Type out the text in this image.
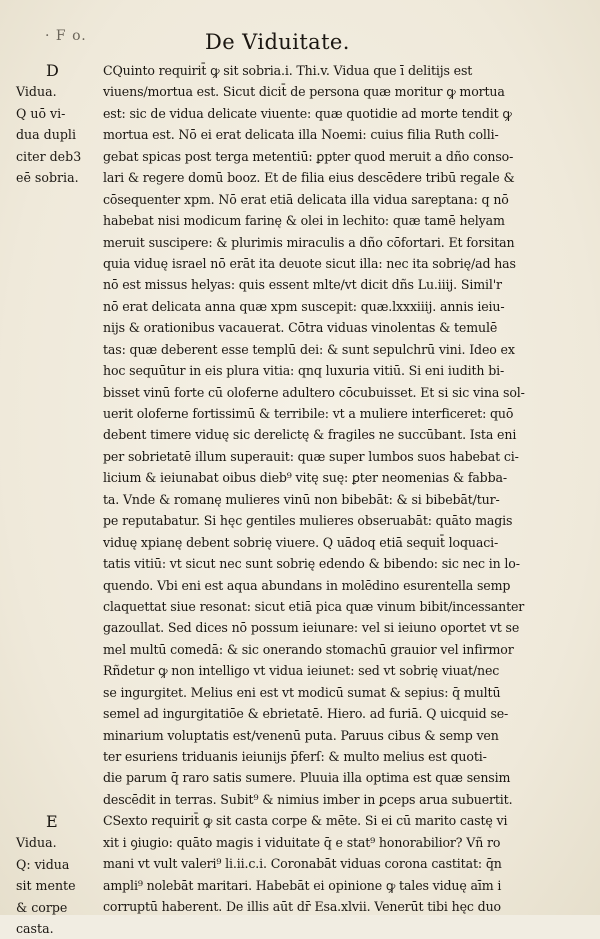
· F o.	De Viduitate.
D
Vidua.
Q uō vi-
dua dupli
citer deb3
eē sobria.
E
Vidua.
Q: vidua
sit mente
& corpe
casta.
CQuinto requirit̄ ꝙ sit sobria.i. Thi.v. Vidua que ī delitijs est
viuens/mortua est. Sicut dicit̄ de persona quæ moritur ꝙ mortua
est: sic de vidua delicate viuente: quæ quotidie ad morte tendit ꝙ
mortua est. Nō ei erat delicata illa Noemi: cuius filia Ruth colli-
gebat spicas post terga metentiū: ꝑpter quod meruit a dño conso-
lari & regere domū booz. Et de filia eius descēdere tribū regale &
cōsequenter xpm. Nō erat etiā delicata illa vidua sareptana: q nō
habebat nisi modicum farinę & olei in lechito: quæ tamē helyam
meruit suscipere: & plurimis miraculis a dño cōfortari. Et forsitan
quia viduę israel nō erāt ita deuote sicut illa: nec ita sobrię/ad has
nō est missus helyas: quis essent mlte/vt dicit dñs Lu.iiij. Simil'r
nō erat delicata anna quæ xpm suscepit: quæ.lxxxiiij. annis ieiu-
nijs & orationibus vacauerat. Cōtra viduas vinolentas & temulē
tas: quæ deberent esse templū dei: & sunt sepulchrū vini. Ideo ex
hoc sequūtur in eis plura vitia: qnq luxuria vitiū. Si eni iudith bi-
bisset vinū forte cū oloferne adultero cōcubuisset. Et si sic vina sol-
uerit oloferne fortissimū & terribile: vt a muliere interficeret: quō
debent timere viduę sic derelictę & fragiles ne succūbant. Ista eni
per sobrietatē illum superauit: quæ super lumbos suos habebat ci-
licium & ieiunabat oibus dieb⁹ vitę suę: ꝑter neomenias & fabba-
ta. Vnde & romanę mulieres vinū non bibebāt: & si bibebāt/tur-
pe reputabatur. Si hęc gentiles mulieres obseruabāt: quāto magis
viduę xpianę debent sobrię viuere. Q uādoq etiā sequit̄ loquaci-
tatis vitiū: vt sicut nec sunt sobrię edendo & bibendo: sic nec in lo-
quendo. Vbi eni est aqua abundans in molēdino esurentella semp
claquettat siue resonat: sicut etiā pica quæ vinum bibit/incessanter
gazoullat. Sed dices nō possum ieiunare: vel si ieiuno oportet vt se
mel multū comedā: & sic onerando stomachū grauior vel infirmor
Rñdetur ꝙ non intelligo vt vidua ieiunet: sed vt sobrię viuat/nec
se ingurgitet. Melius eni est vt modicū sumat & sepius: q̄ multū
semel ad ingurgitatiōe & ebrietatē. Hiero. ad furiā. Q uicquid se-
minarium voluptatis est/venenū puta. Paruus cibus & semp ven
ter esuriens triduanis ieiunijs p̄ferſ: & multo melius est quoti-
die parum q̄ raro satis sumere. Pluuia illa optima est quæ sensim
descēdit in terras. Subit⁹ & nimius imber in ꝑceps arua subuertit.
CSexto requirit̄ ꝙ sit casta corpe & mēte. Si ei cū marito castę vi
xit i ꝯiugio: quāto magis i viduitate q̄ e stat⁹ honorabilior? Vñ ro
mani vt vult valeri⁹ li.ii.c.i. Coronabāt viduas corona castitat: q̄n
ampli⁹ nolebāt maritari. Habebāt ei opinione ꝙ tales viduę aīm i
corruptū haberent. De illis aūt dr̄ Esa.xlvii. Venerūt tibi hęc duo
